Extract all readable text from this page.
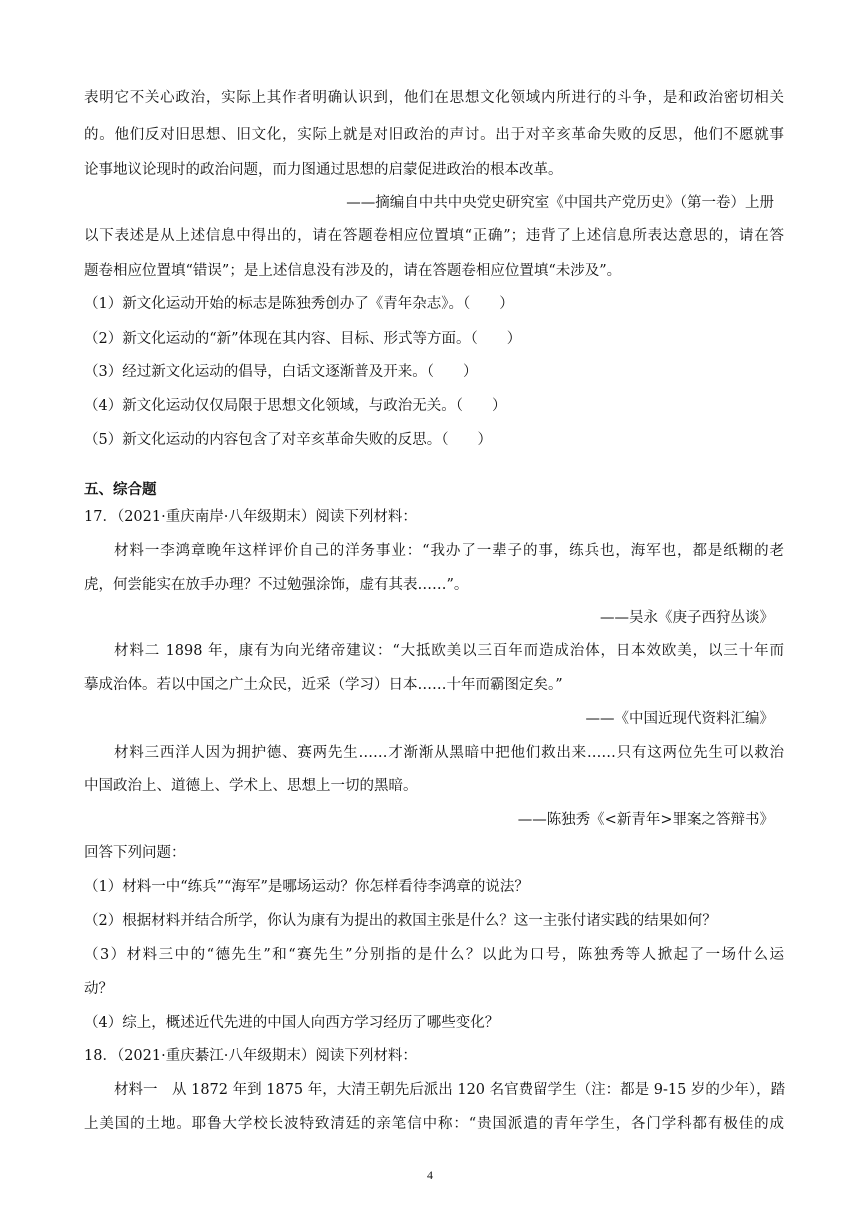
表明它不关心政治，实际上其作者明确认识到，他们在思想文化领域内所进行的斗争，是和政治密切相关
的。他们反对旧思想、旧文化，实际上就是对旧政治的声讨。出于对辛亥革命失败的反思，他们不愿就事
论事地议论现时的政治问题，而力图通过思想的启蒙促进政治的根本改革。
——摘编自中共中央党史研究室《中国共产党历史》（第一卷）上册
以下表述是从上述信息中得出的，请在答题卷相应位置填“正确”；违背了上述信息所表达意思的，请在答
题卷相应位置填“错误”；是上述信息没有涉及的，请在答题卷相应位置填“未涉及”。
（1）新文化运动开始的标志是陈独秀创办了《青年杂志》。（　　）
（2）新文化运动的“新”体现在其内容、目标、形式等方面。（　　）
（3）经过新文化运动的倡导，白话文逐渐普及开来。（　　）
（4）新文化运动仅仅局限于思想文化领域，与政治无关。（　　）
（5）新文化运动的内容包含了对辛亥革命失败的反思。（　　）
五、综合题
17．（2021·重庆南岸·八年级期末）阅读下列材料：
材料一李鸿章晚年这样评价自己的洋务事业：“我办了一辈子的事，练兵也，海军也，都是纸糊的老
虎，何尝能实在放手办理？不过勉强涂饰，虚有其表……”。
——吴永《庚子西狩丛谈》
材料二 1898 年，康有为向光绪帝建议：“大抵欧美以三百年而造成治体，日本效欧美，以三十年而
摹成治体。若以中国之广土众民，近采（学习）日本……十年而霸图定矣。”
——《中国近现代资料汇编》
材料三西洋人因为拥护德、赛两先生……才渐渐从黑暗中把他们救出来……只有这两位先生可以救治
中国政治上、道德上、学术上、思想上一切的黑暗。
——陈独秀《<新青年>罪案之答辩书》
回答下列问题：
（1）材料一中“练兵”“海军”是哪场运动？你怎样看待李鸿章的说法？
（2）根据材料并结合所学，你认为康有为提出的救国主张是什么？这一主张付诸实践的结果如何？
（3）材料三中的“德先生”和“赛先生”分别指的是什么？以此为口号，陈独秀等人掀起了一场什么运
动？
（4）综上，概述近代先进的中国人向西方学习经历了哪些变化？
18．（2021·重庆綦江·八年级期末）阅读下列材料：
材料一　从 1872 年到 1875 年，大清王朝先后派出 120 名官费留学生（注：都是 9-15 岁的少年），踏
上美国的土地。耶鲁大学校长波特致清廷的亲笔信中称：“贵国派遣的青年学生，各门学科都有极佳的成
4
